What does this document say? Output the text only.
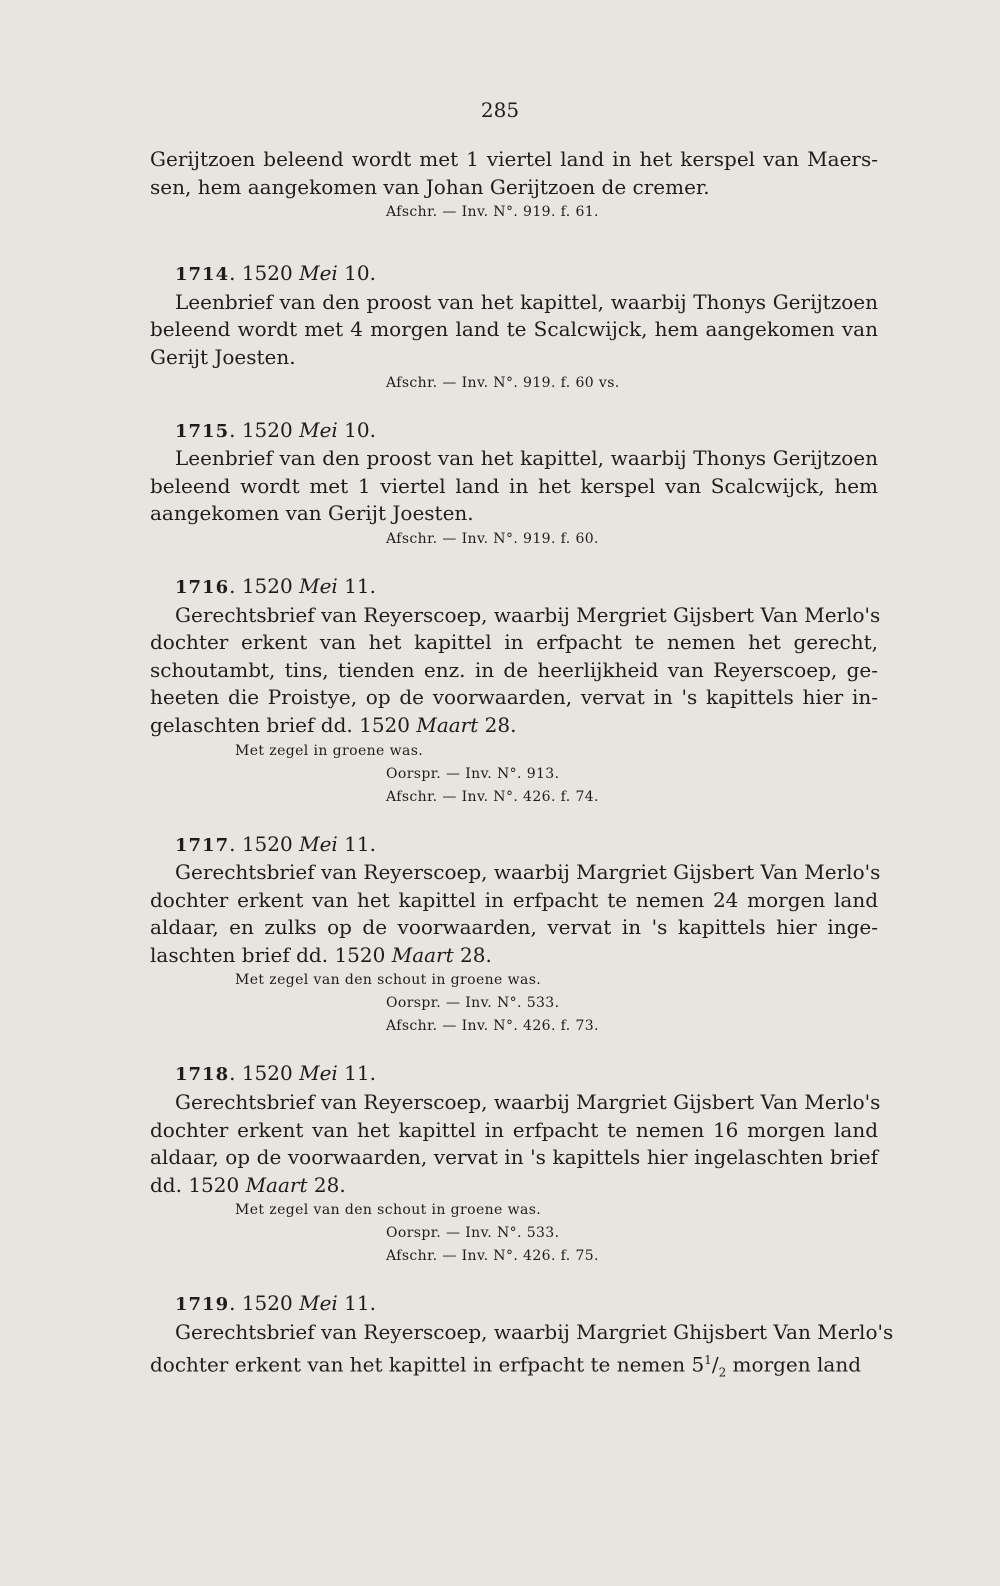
285
Gerijtzoen beleend wordt met 1 viertel land in het kerspel van Maers-
sen, hem aangekomen van Johan Gerijtzoen de cremer.
Afschr. — Inv. N°. 919. f. 61.
1714. 1520 Mei 10.
Leenbrief van den proost van het kapittel, waarbij Thonys Gerijtzoen
beleend wordt met 4 morgen land te Scalcwijck, hem aangekomen van
Gerijt Joesten.
Afschr. — Inv. N°. 919. f. 60 vs.
1715. 1520 Mei 10.
Leenbrief van den proost van het kapittel, waarbij Thonys Gerijtzoen
beleend wordt met 1 viertel land in het kerspel van Scalcwijck, hem
aangekomen van Gerijt Joesten.
Afschr. — Inv. N°. 919. f. 60.
1716. 1520 Mei 11.
Gerechtsbrief van Reyerscoep, waarbij Mergriet Gijsbert Van Merlo's
dochter erkent van het kapittel in erfpacht te nemen het gerecht,
schoutambt, tins, tienden enz. in de heerlijkheid van Reyerscoep, ge-
heeten die Proistye, op de voorwaarden, vervat in 's kapittels hier in-
gelaschten brief dd. 1520 Maart 28.
Met zegel in groene was.
Oorspr. — Inv. N°. 913.
Afschr. — Inv. N°. 426. f. 74.
1717. 1520 Mei 11.
Gerechtsbrief van Reyerscoep, waarbij Margriet Gijsbert Van Merlo's
dochter erkent van het kapittel in erfpacht te nemen 24 morgen land
aldaar, en zulks op de voorwaarden, vervat in 's kapittels hier inge-
laschten brief dd. 1520 Maart 28.
Met zegel van den schout in groene was.
Oorspr. — Inv. N°. 533.
Afschr. — Inv. N°. 426. f. 73.
1718. 1520 Mei 11.
Gerechtsbrief van Reyerscoep, waarbij Margriet Gijsbert Van Merlo's
dochter erkent van het kapittel in erfpacht te nemen 16 morgen land
aldaar, op de voorwaarden, vervat in 's kapittels hier ingelaschten brief
dd. 1520 Maart 28.
Met zegel van den schout in groene was.
Oorspr. — Inv. N°. 533.
Afschr. — Inv. N°. 426. f. 75.
1719. 1520 Mei 11.
Gerechtsbrief van Reyerscoep, waarbij Margriet Ghijsbert Van Merlo's
dochter erkent van het kapittel in erfpacht te nemen $5^1/_2$ morgen land
